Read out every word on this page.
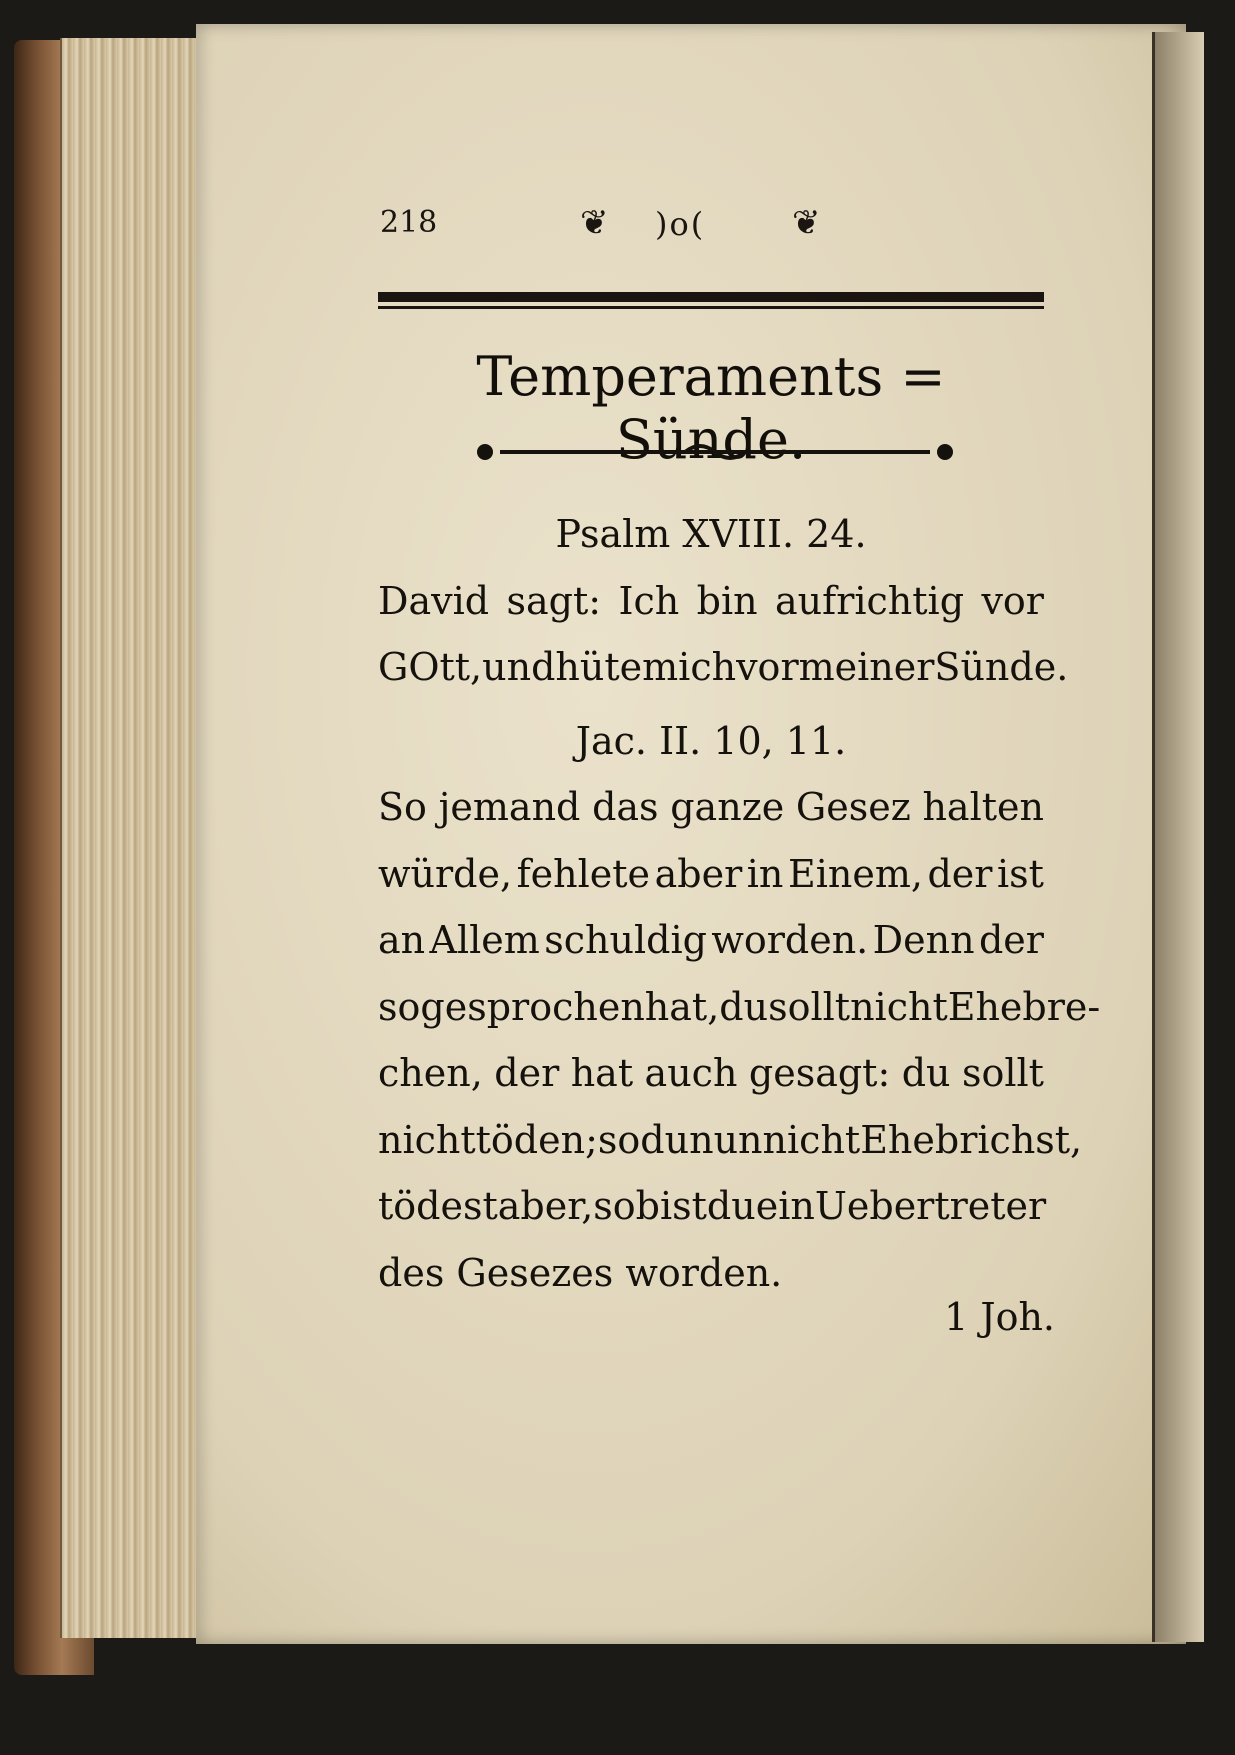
218	❦ )o(	❦
Temperaments = Sünde.
Psalm XVIII. 24.
David sagt: Ich bin aufrichtig vor
GOtt, und hüte mich vor meiner Sünde.
Jac. II. 10, 11.
So jemand das ganze Gesez halten
würde, fehlete aber in Einem, der ist
an Allem schuldig worden. Denn der
so gesprochen hat, du sollt nicht Ehe bre-
chen, der hat auch gesagt: du sollt
nicht töden; so du nun nicht Ehe brichst,
tödest aber, so bist du ein Uebertreter
des Gesezes worden.
1 Joh.
